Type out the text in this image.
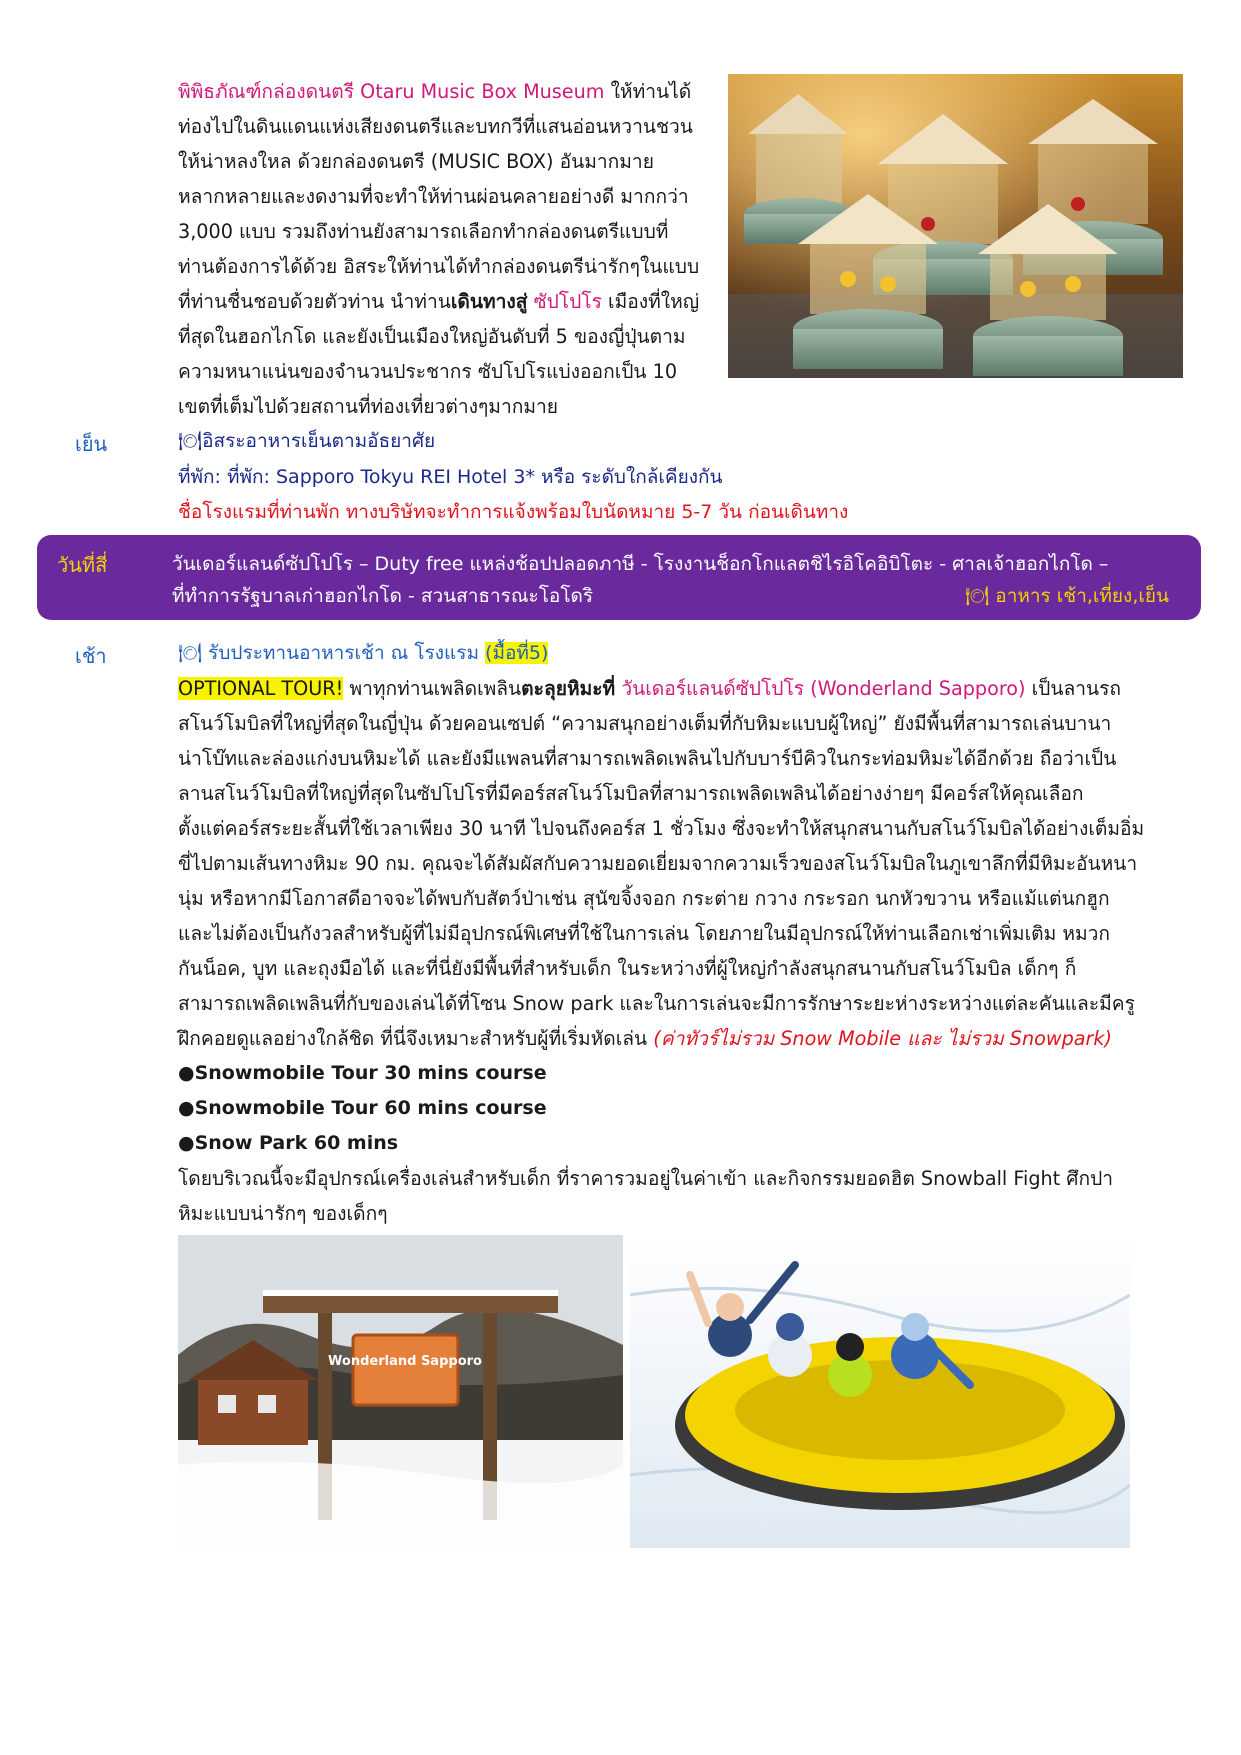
พิพิธภัณฑ์กล่องดนตรี Otaru Music Box Museum ให้ท่านได้
ท่องไปในดินแดนแห่งเสียงดนตรีและบทกวีที่แสนอ่อนหวานชวน
ให้น่าหลงใหล ด้วยกล่องดนตรี (MUSIC BOX) อันมากมาย
หลากหลายและงดงามที่จะทำให้ท่านผ่อนคลายอย่างดี มากกว่า
3,000 แบบ รวมถึงท่านยังสามารถเลือกทำกล่องดนตรีแบบที่
ท่านต้องการได้ด้วย อิสระให้ท่านได้ทำกล่องดนตรีน่ารักๆในแบบ
ที่ท่านชื่นชอบด้วยตัวท่าน นำท่านเดินทางสู่ ซัปโปโร เมืองที่ใหญ่
ที่สุดในฮอกไกโด และยังเป็นเมืองใหญ่อันดับที่ 5 ของญี่ปุ่นตาม
ความหนาแน่นของจำนวนประชากร ซัปโปโรแบ่งออกเป็น 10
เขตที่เต็มไปด้วยสถานที่ท่องเที่ยวต่างๆมากมาย
เย็น	🍽อิสระอาหารเย็นตามอัธยาศัย
ที่พัก: ที่พัก: Sapporo Tokyu REI Hotel 3* หรือ ระดับใกล้เคียงกัน
ชื่อโรงแรมที่ท่านพัก ทางบริษัทจะทำการแจ้งพร้อมใบนัดหมาย 5-7 วัน ก่อนเดินทาง
วันที่สี่	วันเดอร์แลนด์ซัปโปโร – Duty free แหล่งช้อปปลอดภาษี - โรงงานช็อกโกแลตชิไรอิโคอิบิโตะ - ศาลเจ้าฮอกไกโด –
ที่ทำการรัฐบาลเก่าฮอกไกโด - สวนสาธารณะโอโดริ	🍽 อาหาร เช้า,เที่ยง,เย็น
เช้า	🍽 รับประทานอาหารเช้า ณ โรงแรม (มื้อที่5)
OPTIONAL TOUR! พาทุกท่านเพลิดเพลินตะลุยหิมะที่ วันเดอร์แลนด์ซัปโปโร (Wonderland Sapporo) เป็นลานรถ
สโนว์โมบิลที่ใหญ่ที่สุดในญี่ปุ่น ด้วยคอนเซปต์ “ความสนุกอย่างเต็มที่กับหิมะแบบผู้ใหญ่” ยังมีพื้นที่สามารถเล่นบานา
น่าโบ๊ทและล่องแก่งบนหิมะได้ และยังมีแพลนที่สามารถเพลิดเพลินไปกับบาร์บีคิวในกระท่อมหิมะได้อีกด้วย ถือว่าเป็น
ลานสโนว์โมบิลที่ใหญ่ที่สุดในซัปโปโรที่มีคอร์สสโนว์โมบิลที่สามารถเพลิดเพลินได้อย่างง่ายๆ มีคอร์สให้คุณเลือก
ตั้งแต่คอร์สระยะสั้นที่ใช้เวลาเพียง 30 นาที ไปจนถึงคอร์ส 1 ชั่วโมง ซึ่งจะทำให้สนุกสนานกับสโนว์โมบิลได้อย่างเต็มอิ่ม
ขี่ไปตามเส้นทางหิมะ 90 กม. คุณจะได้สัมผัสกับความยอดเยี่ยมจากความเร็วของสโนว์โมบิลในภูเขาลึกที่มีหิมะอันหนา
นุ่ม หรือหากมีโอกาสดีอาจจะได้พบกับสัตว์ป่าเช่น สุนัขจิ้งจอก กระต่าย กวาง กระรอก นกหัวขวาน หรือแม้แต่นกฮูก
และไม่ต้องเป็นกังวลสำหรับผู้ที่ไม่มีอุปกรณ์พิเศษที่ใช้ในการเล่น โดยภายในมีอุปกรณ์ให้ท่านเลือกเช่าเพิ่มเติม หมวก
กันน็อค, บูท และถุงมือได้ และที่นี่ยังมีพื้นที่สำหรับเด็ก ในระหว่างที่ผู้ใหญ่กำลังสนุกสนานกับสโนว์โมบิล เด็กๆ ก็
สามารถเพลิดเพลินที่กับของเล่นได้ที่โซน Snow park และในการเล่นจะมีการรักษาระยะห่างระหว่างแต่ละคันและมีครู
ฝึกคอยดูแลอย่างใกล้ชิด ที่นี่จึงเหมาะสำหรับผู้ที่เริ่มหัดเล่น (ค่าทัวร์ไม่รวม Snow Mobile และ ไม่รวม Snowpark)
●Snowmobile Tour 30 mins course
●Snowmobile Tour 60 mins course
●Snow Park 60 mins
โดยบริเวณนี้จะมีอุปกรณ์เครื่องเล่นสำหรับเด็ก ที่ราคารวมอยู่ในค่าเข้า และกิจกรรมยอดฮิต Snowball Fight ศึกปา
หิมะแบบน่ารักๆ ของเด็กๆ
Wonderland Sapporo
